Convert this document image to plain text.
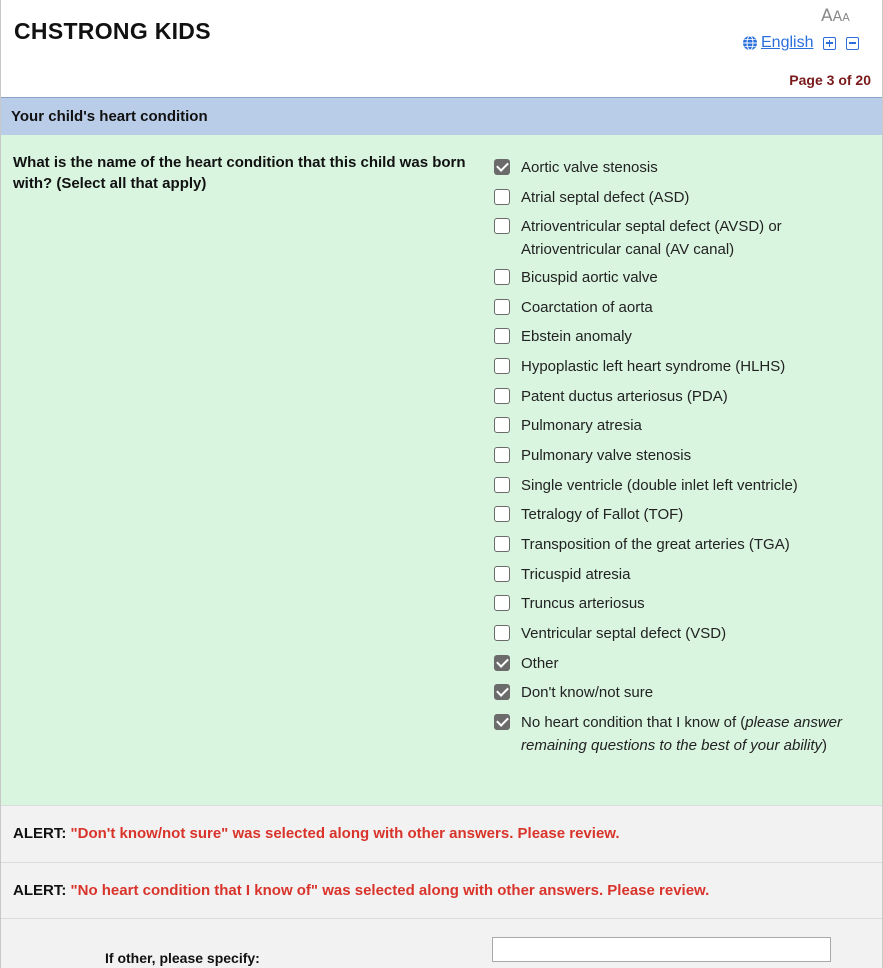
CHSTRONG KIDS
AAA
English
Page 3 of 20
Your child's heart condition
What is the name of the heart condition that this child was born with? (Select all that apply)
Aortic valve stenosis
Atrial septal defect (ASD)
Atrioventricular septal defect (AVSD) or Atrioventricular canal (AV canal)
Bicuspid aortic valve
Coarctation of aorta
Ebstein anomaly
Hypoplastic left heart syndrome (HLHS)
Patent ductus arteriosus (PDA)
Pulmonary atresia
Pulmonary valve stenosis
Single ventricle (double inlet left ventricle)
Tetralogy of Fallot (TOF)
Transposition of the great arteries (TGA)
Tricuspid atresia
Truncus arteriosus
Ventricular septal defect (VSD)
Other
Don't know/not sure
No heart condition that I know of (please answer remaining questions to the best of your ability)
ALERT: "Don't know/not sure" was selected along with other answers. Please review.
ALERT: "No heart condition that I know of" was selected along with other answers. Please review.
If other, please specify:
